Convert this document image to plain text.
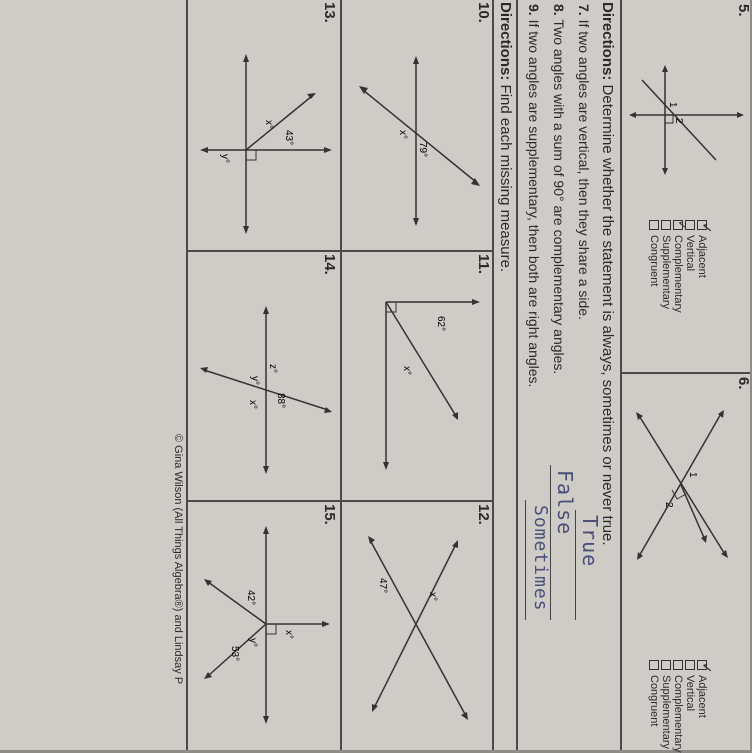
5.
6.
2
1
✓
Adjacent
Vertical
✓
Complementary
Supplementary
Congruent
1
2
✓
Adjacent
Vertical
Complementary
Supplementary
Congruent
Directions: Determine whether the statement is always, sometimes or never true.
7. If two angles are vertical, then they share a side.
True
8. Two angles with a sum of 90° are complementary angles.
False
9. If two angles are supplementary, then both are right angles.
Sometimes
Directions: Find each missing measure.
10.
79°
x°
11.
62°
x°
12.
47°
x°
13.
y°
x°
43°
14.
88°
z°
x°
y°
15.
42°
x°
y°
53°
© Gina Wilson (All Things Algebra®) and Lindsay P
